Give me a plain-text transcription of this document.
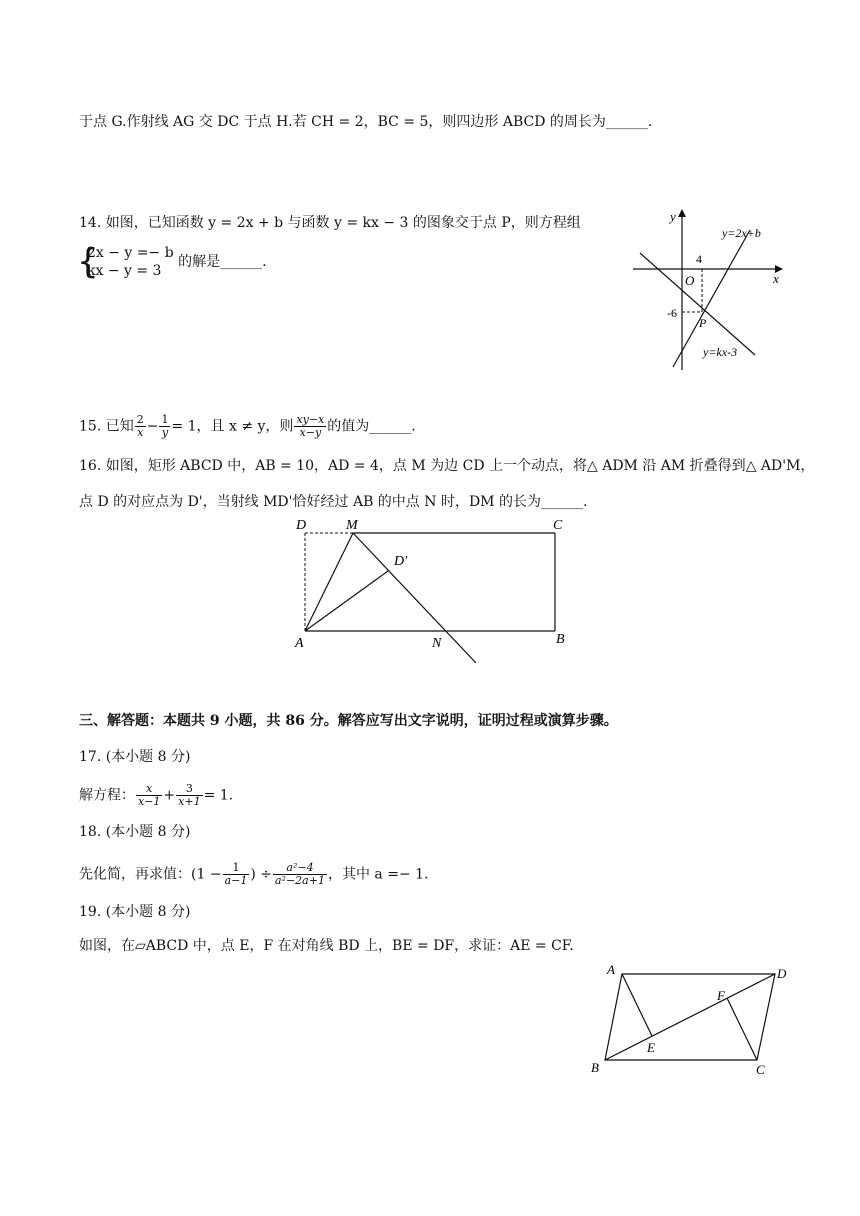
于点 G.作射线 AG 交 DC 于点 H.若 CH = 2，BC = 5，则四边形 ABCD 的周长为______.
14. 如图，已知函数 y = 2x + b 与函数 y = kx − 3 的图象交于点 P，则方程组
{ 2x − y =− b
kx − y = 3
的解是______.
y
x
O
4
-6
P
y=2x+b
y=kx-3
15. 已知 $\frac{2}{x} - \frac{1}{y} = 1$，且 x ≠ y，则 $\frac{xy-x}{x-y}$ 的值为______.
16. 如图，矩形 ABCD 中，AB = 10，AD = 4，点 M 为边 CD 上一个动点，将△ ADM 沿 AM 折叠得到△ AD'M，
点 D 的对应点为 D'，当射线 MD'恰好经过 AB 的中点 N 时，DM 的长为______.
D	M	C
D′
A	N	B
三、解答题：本题共 9 小题，共 86 分。解答应写出文字说明，证明过程或演算步骤。
17. (本小题 8 分)
解方程： $\frac{x}{x-1} + \frac{3}{x+1} = 1$.
18. (本小题 8 分)
先化简，再求值：($1 - \frac{1}{a-1}$ ) ÷ $\frac{\text{a²−4}}{\text{a²−2a+1}}$ ，其中 a =− 1.
19. (本小题 8 分)
如图，在▱ABCD 中，点 E，F 在对角线 BD 上，BE = DF，求证：AE = CF.
A	D
F
E
B	C
